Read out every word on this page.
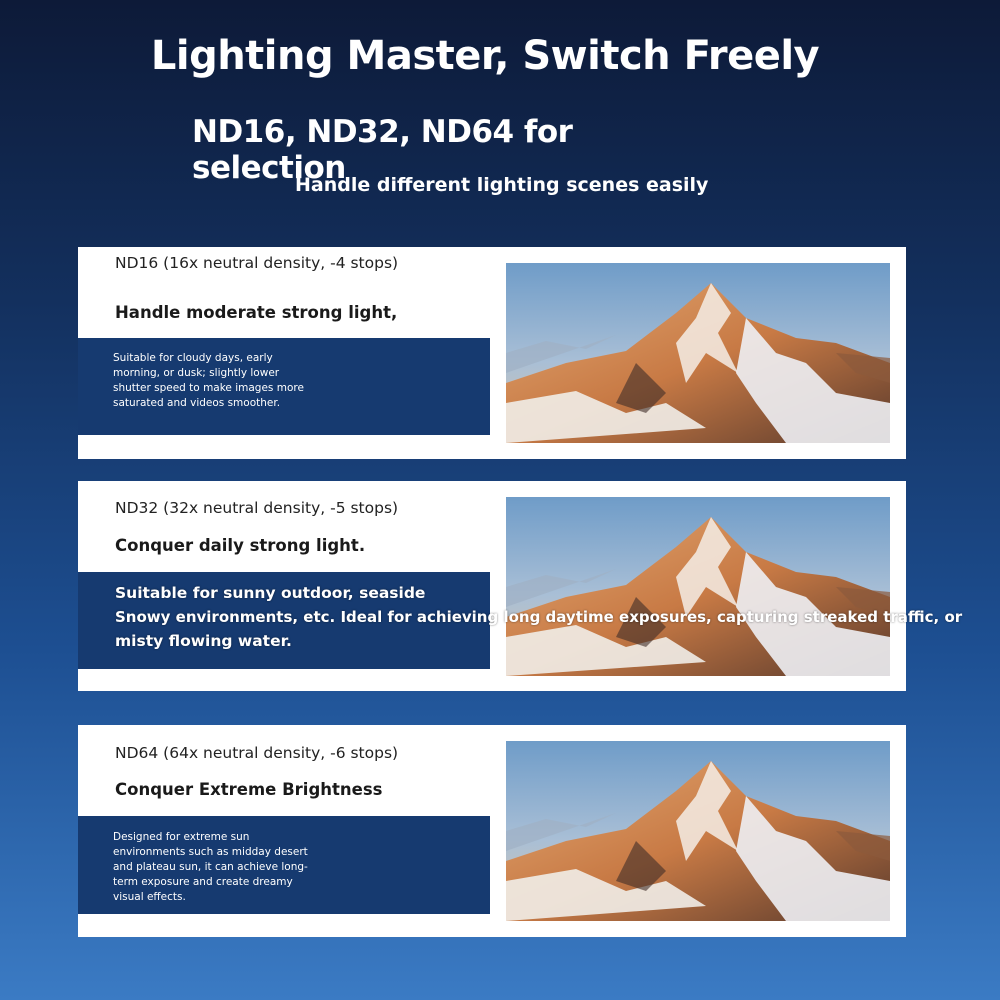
Lighting Master, Switch Freely
ND16, ND32, ND64 for selection

Handle different lighting scenes easily

ND16 (16x neutral density, -4 stops)

Handle moderate strong light,

Suitable for cloudy days, early morning, or dusk; slightly lower shutter speed to make images more saturated and videos smoother.

ND32 (32x neutral density, -5 stops)

Conquer daily strong light.

Suitable for sunny outdoor, seaside

Snowy environments, etc. Ideal for achieving long daytime exposures, capturing streaked traffic, or

misty flowing water.

ND64 (64x neutral density, -6 stops)

Conquer Extreme Brightness

Designed for extreme sun environments such as midday desert and plateau sun, it can achieve long-term exposure and create dreamy visual effects.
